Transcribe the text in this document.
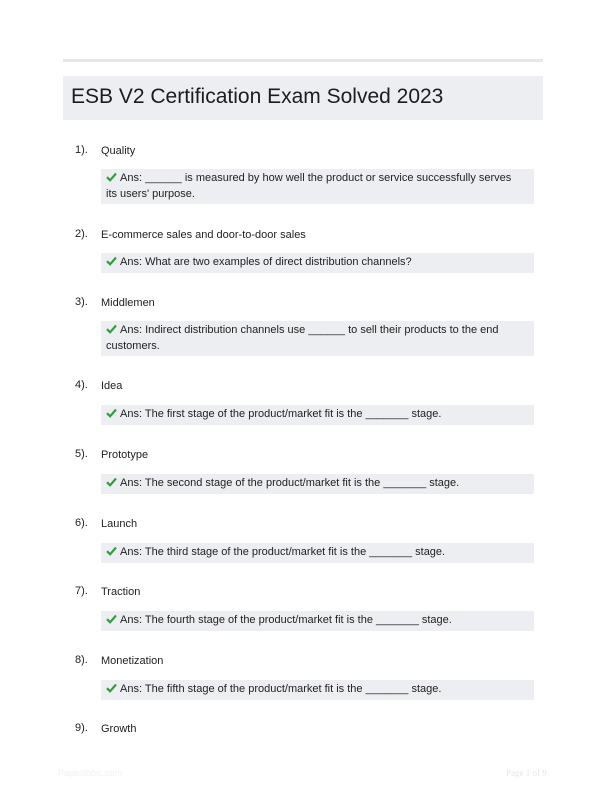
ESB V2 Certification Exam Solved 2023
1). Quality
Ans: ______ is measured by how well the product or service successfully serves its users' purpose.
2). E-commerce sales and door-to-door sales
Ans: What are two examples of direct distribution channels?
3). Middlemen
Ans: Indirect distribution channels use ______ to sell their products to the end customers.
4). Idea
Ans: The first stage of the product/market fit is the _______ stage.
5). Prototype
Ans: The second stage of the product/market fit is the _______ stage.
6). Launch
Ans: The third stage of the product/market fit is the _______ stage.
7). Traction
Ans: The fourth stage of the product/market fit is the _______ stage.
8). Monetization
Ans: The fifth stage of the product/market fit is the _______ stage.
9). Growth
Paperlibhic.com	Page 1 of 9
